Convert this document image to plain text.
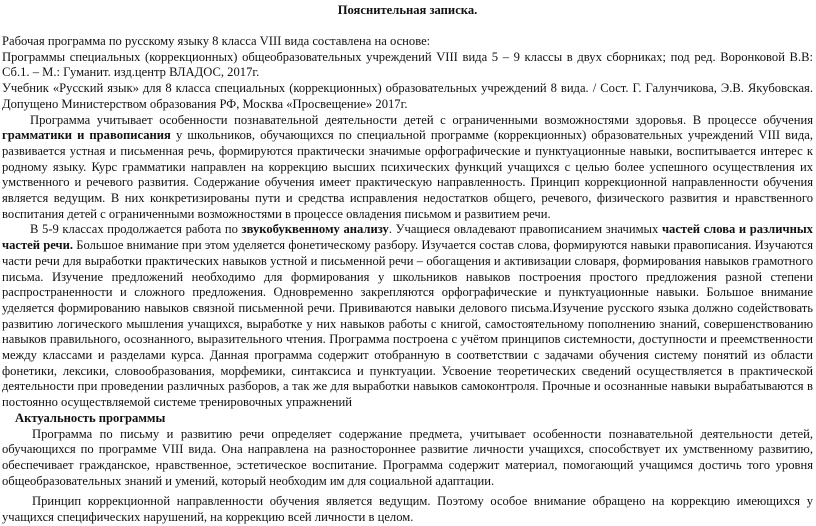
Пояснительная записка.

Рабочая программа по русскому языку 8 класса VIII вида составлена на основе:

Программы специальных (коррекционных) общеобразовательных учреждений VIII вида 5 – 9 классы в двух сборниках; под ред. Воронковой В.В: Сб.1. – М.: Гуманит. изд.центр ВЛАДОС, 2017г.

Учебник «Русский язык» для 8 класса специальных (коррекционных) образовательных учреждений 8 вида. / Сост. Г. Галунчикова, Э.В. Якубовская. Допущено Министерством образования РФ, Москва «Просвещение» 2017г.

Программа учитывает особенности познавательной деятельности детей с ограниченными возможностями здоровья. В процессе обучения грамматики и правописания у школьников, обучающихся по специальной программе (коррекционных) образовательных учреждений VIII вида, развивается устная и письменная речь, формируются практически значимые орфографические и пунктуационные навыки, воспитывается интерес к родному языку. Курс грамматики направлен на коррекцию высших психических функций учащихся с целью более успешного осуществления их умственного и речевого развития. Содержание обучения имеет практическую направленность. Принцип коррекционной направленности обучения является ведущим. В них конкретизированы пути и средства исправления недостатков общего, речевого, физического развития и нравственного воспитания детей с ограниченными возможностями в процессе овладения письмом и развитием речи.

В 5-9 классах продолжается работа по звукобуквенному анализу. Учащиеся овладевают правописанием значимых частей слова и различных частей речи. Большое внимание при этом уделяется фонетическому разбору. Изучается состав слова, формируются навыки правописания. Изучаются части речи для выработки практических навыков устной и письменной речи – обогащения и активизации словаря, формирования навыков грамотного письма. Изучение предложений необходимо для формирования у школьников навыков построения простого предложения разной степени распространенности и сложного предложения. Одновременно закрепляются орфографические и пунктуационные навыки. Большое внимание уделяется формированию навыков связной письменной речи. Прививаются навыки делового письма.Изучение русского языка должно содействовать развитию логического мышления учащихся, выработке у них навыков работы с книгой, самостоятельному пополнению знаний, совершенствованию навыков правильного, осознанного, выразительного чтения. Программа построена с учётом принципов системности, доступности и преемственности между классами и разделами курса. Данная программа содержит отобранную в соответствии с задачами обучения систему понятий из области фонетики, лексики, словообразования, морфемики, синтаксиса и пунктуации. Усвоение теоретических сведений осуществляется в практической деятельности при проведении различных разборов, а так же для выработки навыков самоконтроля. Прочные и осознанные навыки вырабатываются в постоянно осуществляемой системе тренировочных упражнений

Актуальность программы

Программа по письму и развитию речи определяет содержание предмета, учитывает особенности познавательной деятельности детей, обучающихся по программе VIII вида. Она направлена на разностороннее развитие личности учащихся, способствует их умственному развитию, обеспечивает гражданское, нравственное, эстетическое воспитание. Программа содержит материал, помогающий учащимся достичь того уровня общеобразовательных знаний и умений, который необходим им для социальной адаптации.

Принцип коррекционной направленности обучения является ведущим. Поэтому особое внимание обращено на коррекцию имеющихся у учащихся специфических нарушений, на коррекцию всей личности в целом.
